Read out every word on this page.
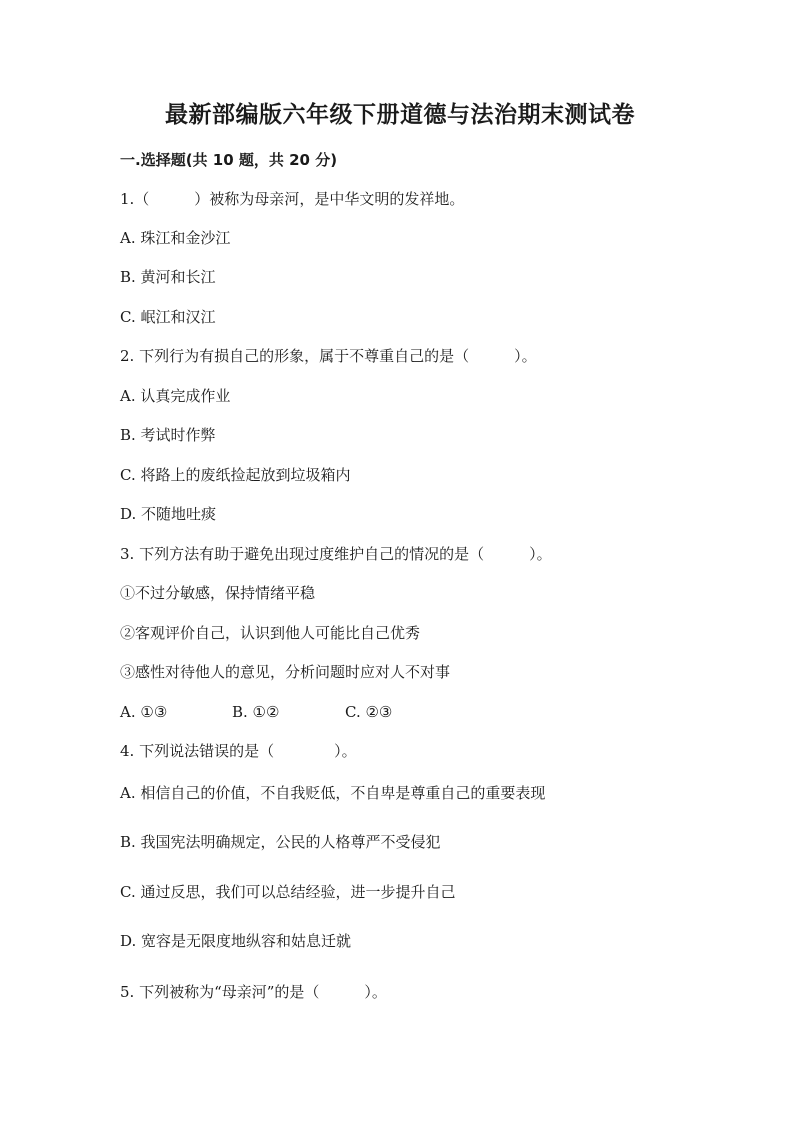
最新部编版六年级下册道德与法治期末测试卷
一.选择题(共 10 题，共 20 分)
1.（　　　）被称为母亲河，是中华文明的发祥地。
A. 珠江和金沙江
B. 黄河和长江
C. 岷江和汉江
2. 下列行为有损自己的形象，属于不尊重自己的是（　　　）。
A. 认真完成作业
B. 考试时作弊
C. 将路上的废纸捡起放到垃圾箱内
D. 不随地吐痰
3. 下列方法有助于避免出现过度维护自己的情况的是（　　　）。
①不过分敏感，保持情绪平稳
②客观评价自己，认识到他人可能比自己优秀
③感性对待他人的意见，分析问题时应对人不对事
A. ①③	B. ①②	C. ②③
4. 下列说法错误的是（　　　　）。
A. 相信自己的价值，不自我贬低，不自卑是尊重自己的重要表现
B. 我国宪法明确规定，公民的人格尊严不受侵犯
C. 通过反思，我们可以总结经验，进一步提升自己
D. 宽容是无限度地纵容和姑息迁就
5. 下列被称为“母亲河”的是（　　　）。
